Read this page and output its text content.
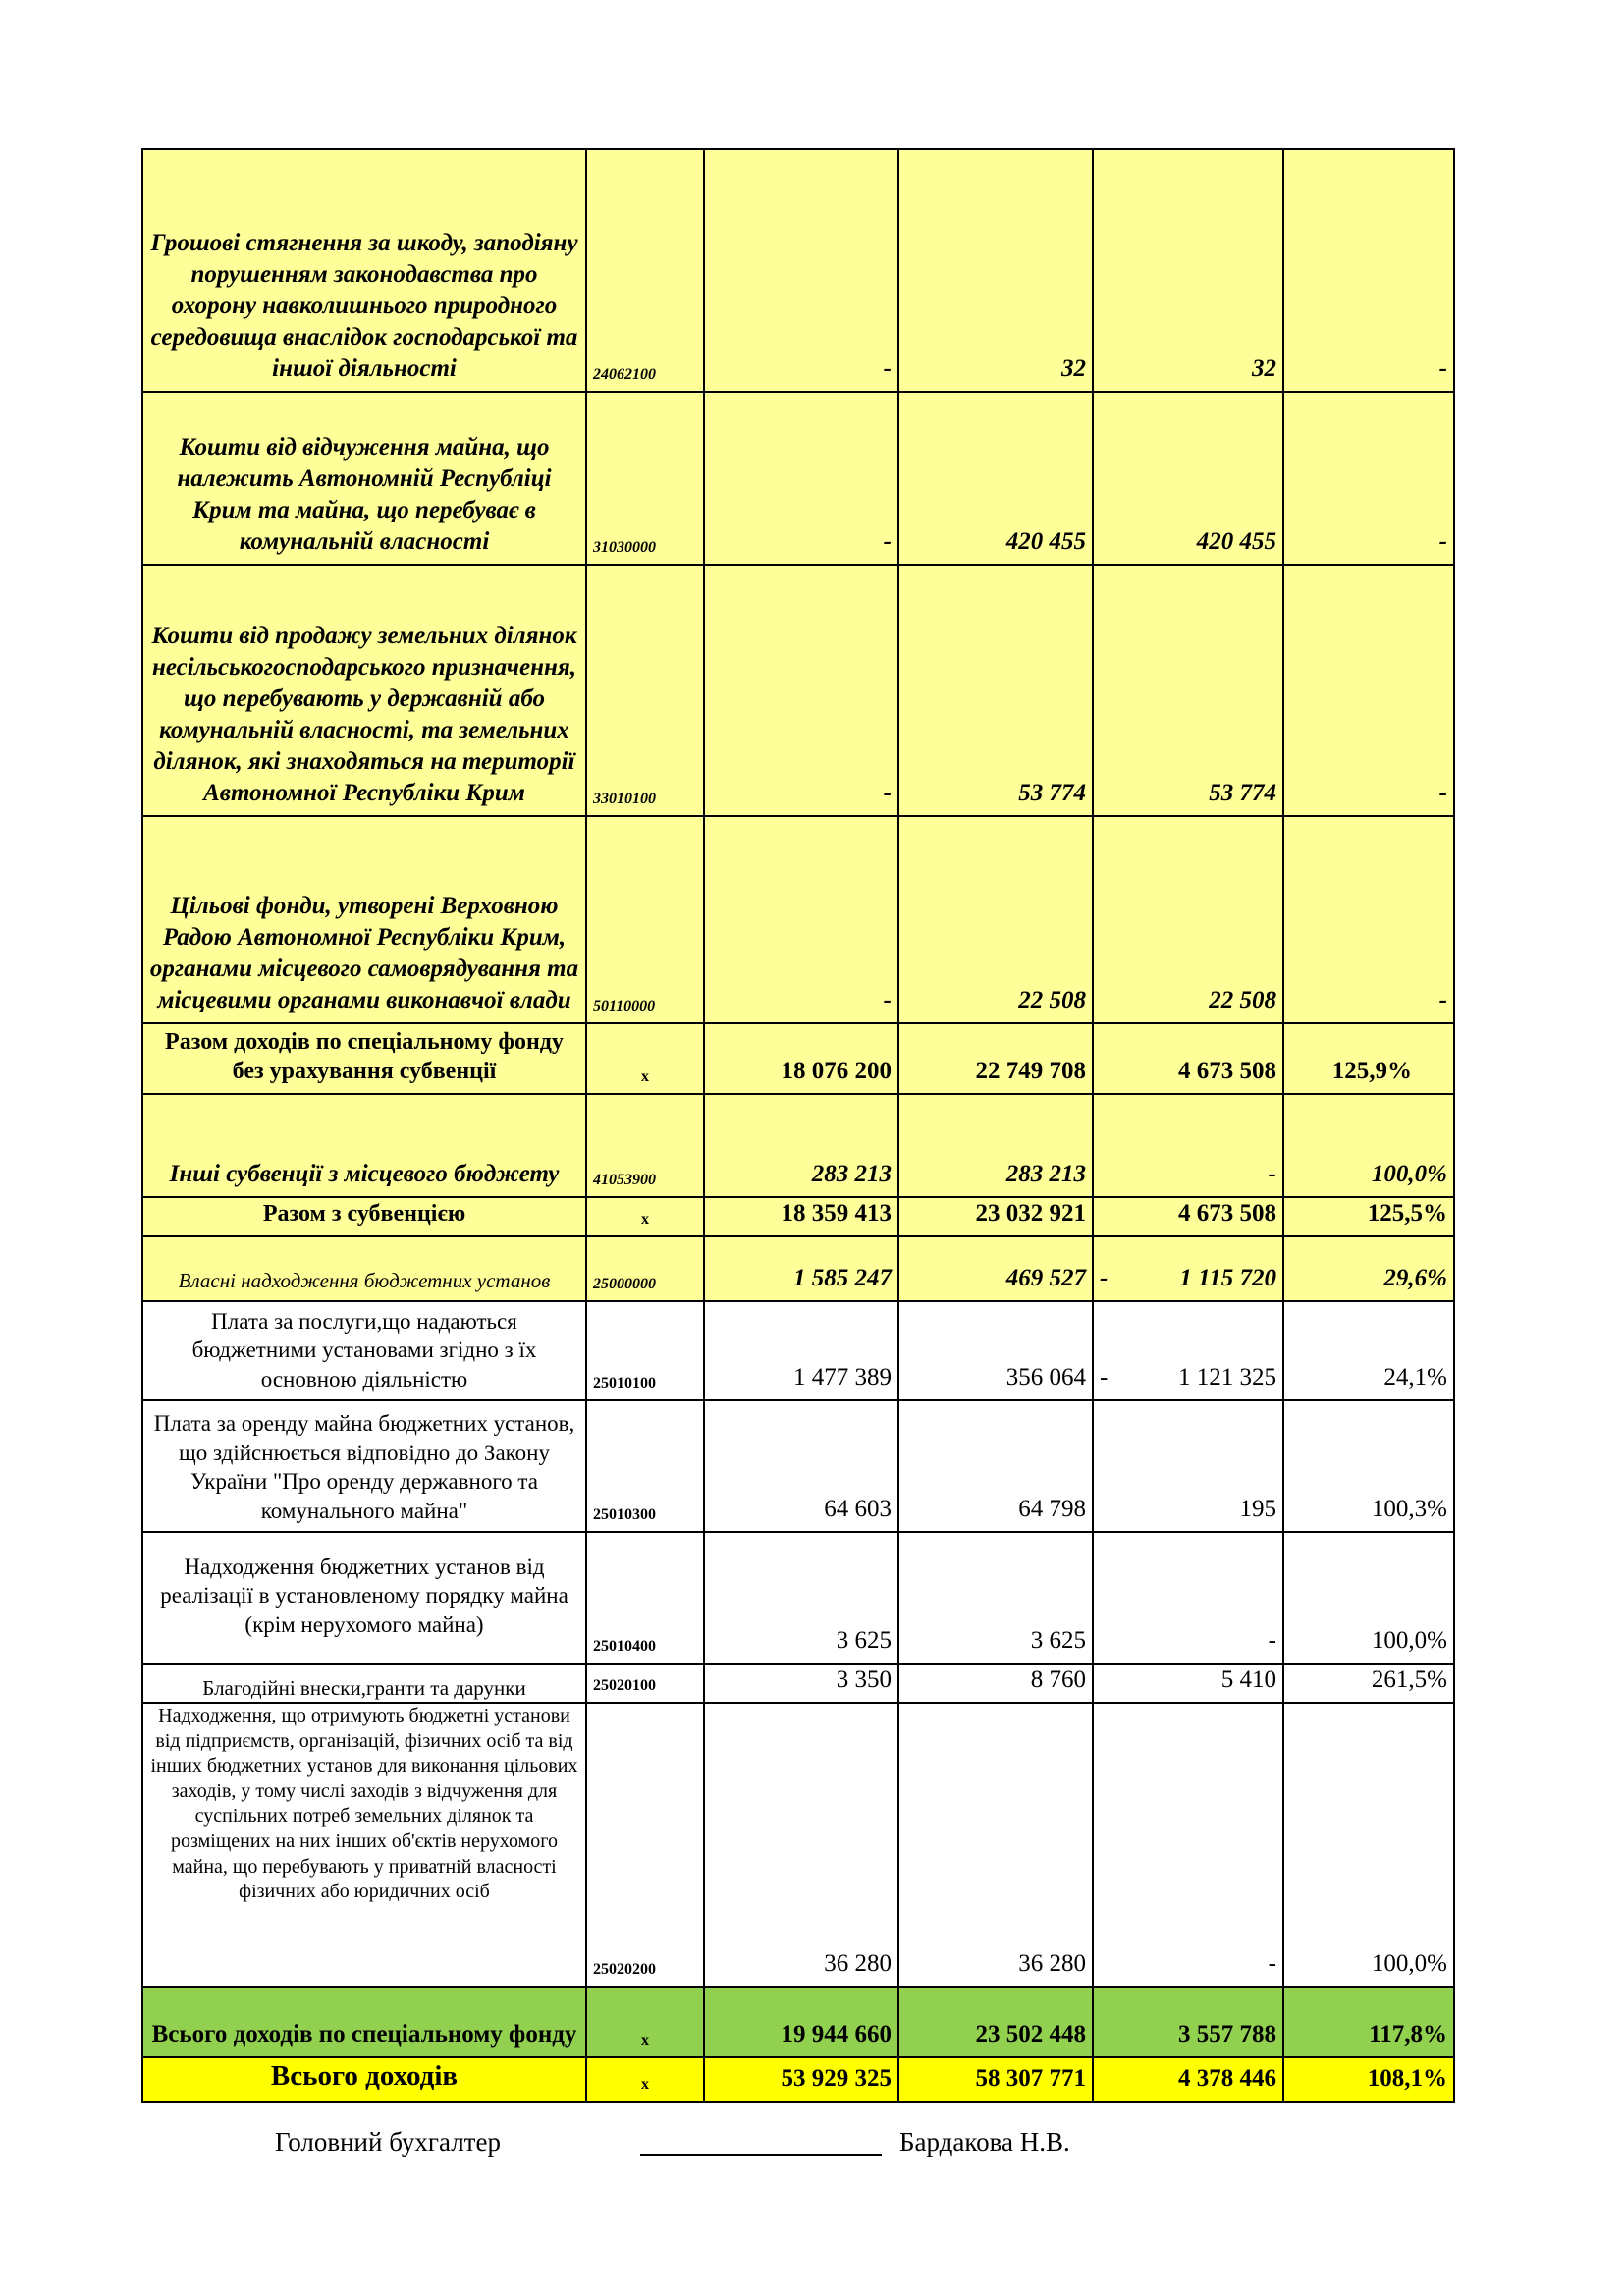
Грошові стягнення за шкоду, заподіяну порушенням законодавства про охорону навколишнього природного середовища внаслідок господарської та іншої діяльності	24062100	-	32	32	-
Кошти від відчуження майна, що належить Автономній Республіці Крим та майна, що перебуває в комунальній власності	31030000	-	420 455	420 455	-
Кошти від продажу земельних ділянок несільськогосподарського призначення, що перебувають у державній або комунальній власності, та земельних ділянок, які знаходяться на території Автономної Республіки Крим	33010100	-	53 774	53 774	-
Цільові фонди, утворені Верховною Радою Автономної Республіки Крим, органами місцевого самоврядування та місцевими органами виконавчої влади	50110000	-	22 508	22 508	-
Разом доходів по спеціальному фонду без урахування субвенції	х	18 076 200	22 749 708	4 673 508	125,9%
Інші субвенції з місцевого бюджету	41053900	283 213	283 213	-	100,0%
Разом з субвенцією	х	18 359 413	23 032 921	4 673 508	125,5%
Власні надходження бюджетних установ	25000000	1 585 247	469 527	- 1 115 720	29,6%
Плата за послуги,що надаються бюджетними установами згідно з їх основною діяльністю	25010100	1 477 389	356 064	- 1 121 325	24,1%
Плата за оренду майна бюджетних установ, що здійснюється відповідно до Закону України "Про оренду державного та комунального майна"	25010300	64 603	64 798	195	100,3%
Надходження бюджетних установ від реалізації в установленому порядку майна (крім нерухомого майна)	25010400	3 625	3 625	-	100,0%
Благодійні внески,гранти та дарунки	25020100	3 350	8 760	5 410	261,5%
Надходження, що отримують бюджетні установи від підприємств, організацій, фізичних осіб та від інших бюджетних установ для виконання цільових заходів, у тому числі заходів з відчуження для суспільних потреб земельних ділянок та розміщених на них інших об'єктів нерухомого майна, що перебувають у приватній власності фізичних або юридичних осіб	25020200	36 280	36 280	-	100,0%
Всього доходів по спеціальному фонду	х	19 944 660	23 502 448	3 557 788	117,8%
Всього доходів	х	53 929 325	58 307 771	4 378 446	108,1%
Головний бухгалтер	Бардакова Н.В.
